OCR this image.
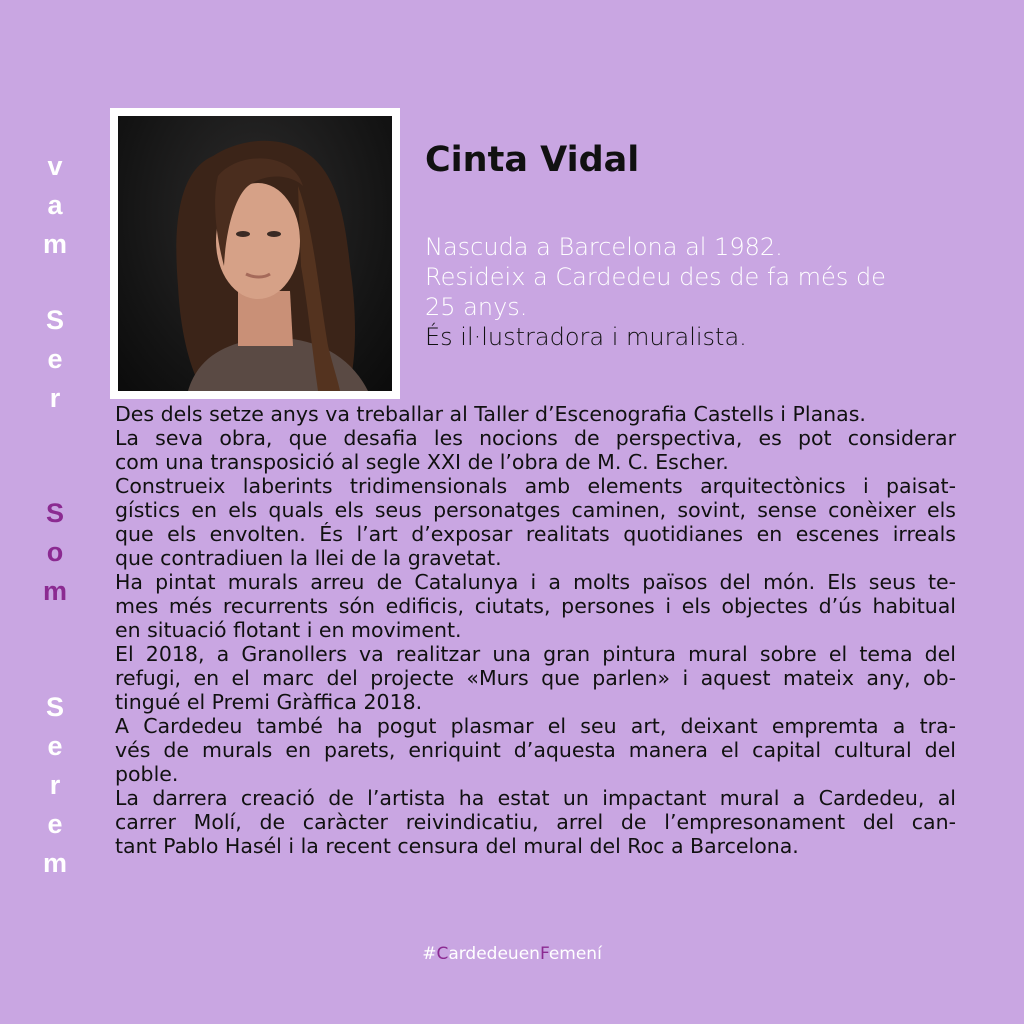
v
a
m
S
e
r
S
o
m
S
e
r
e
m
Cinta Vidal
Nascuda a Barcelona al 1982.
Resideix a Cardedeu des de fa més de
25 anys.
És il·lustradora i muralista.
Des dels setze anys va treballar al Taller d’Escenografia Castells i Planas.
La seva obra, que desafia les nocions de perspectiva, es pot considerar
com una transposició al segle XXI de l’obra de M. C. Escher.
Construeix laberints tridimensionals amb elements arquitectònics i paisat-
gístics en els quals els seus personatges caminen, sovint, sense conèixer els
que els envolten. És l’art d’exposar realitats quotidianes en escenes irreals
que contradiuen la llei de la gravetat.
Ha pintat murals arreu de Catalunya i a molts països del món. Els seus te-
mes més recurrents són edificis, ciutats, persones i els objectes d’ús habitual
en situació flotant i en moviment.
El 2018, a Granollers va realitzar una gran pintura mural sobre el tema del
refugi, en el marc del projecte «Murs que parlen» i aquest mateix any, ob-
tingué el Premi Gràffica 2018.
A Cardedeu també ha pogut plasmar el seu art, deixant empremta a tra-
vés de murals en parets, enriquint d’aquesta manera el capital cultural del
poble.
La darrera creació de l’artista ha estat un impactant mural a Cardedeu, al
carrer Molí, de caràcter reivindicatiu, arrel de l’empresonament del can-
tant Pablo Hasél i la recent censura del mural del Roc a Barcelona.
#CardedeuenFemení
